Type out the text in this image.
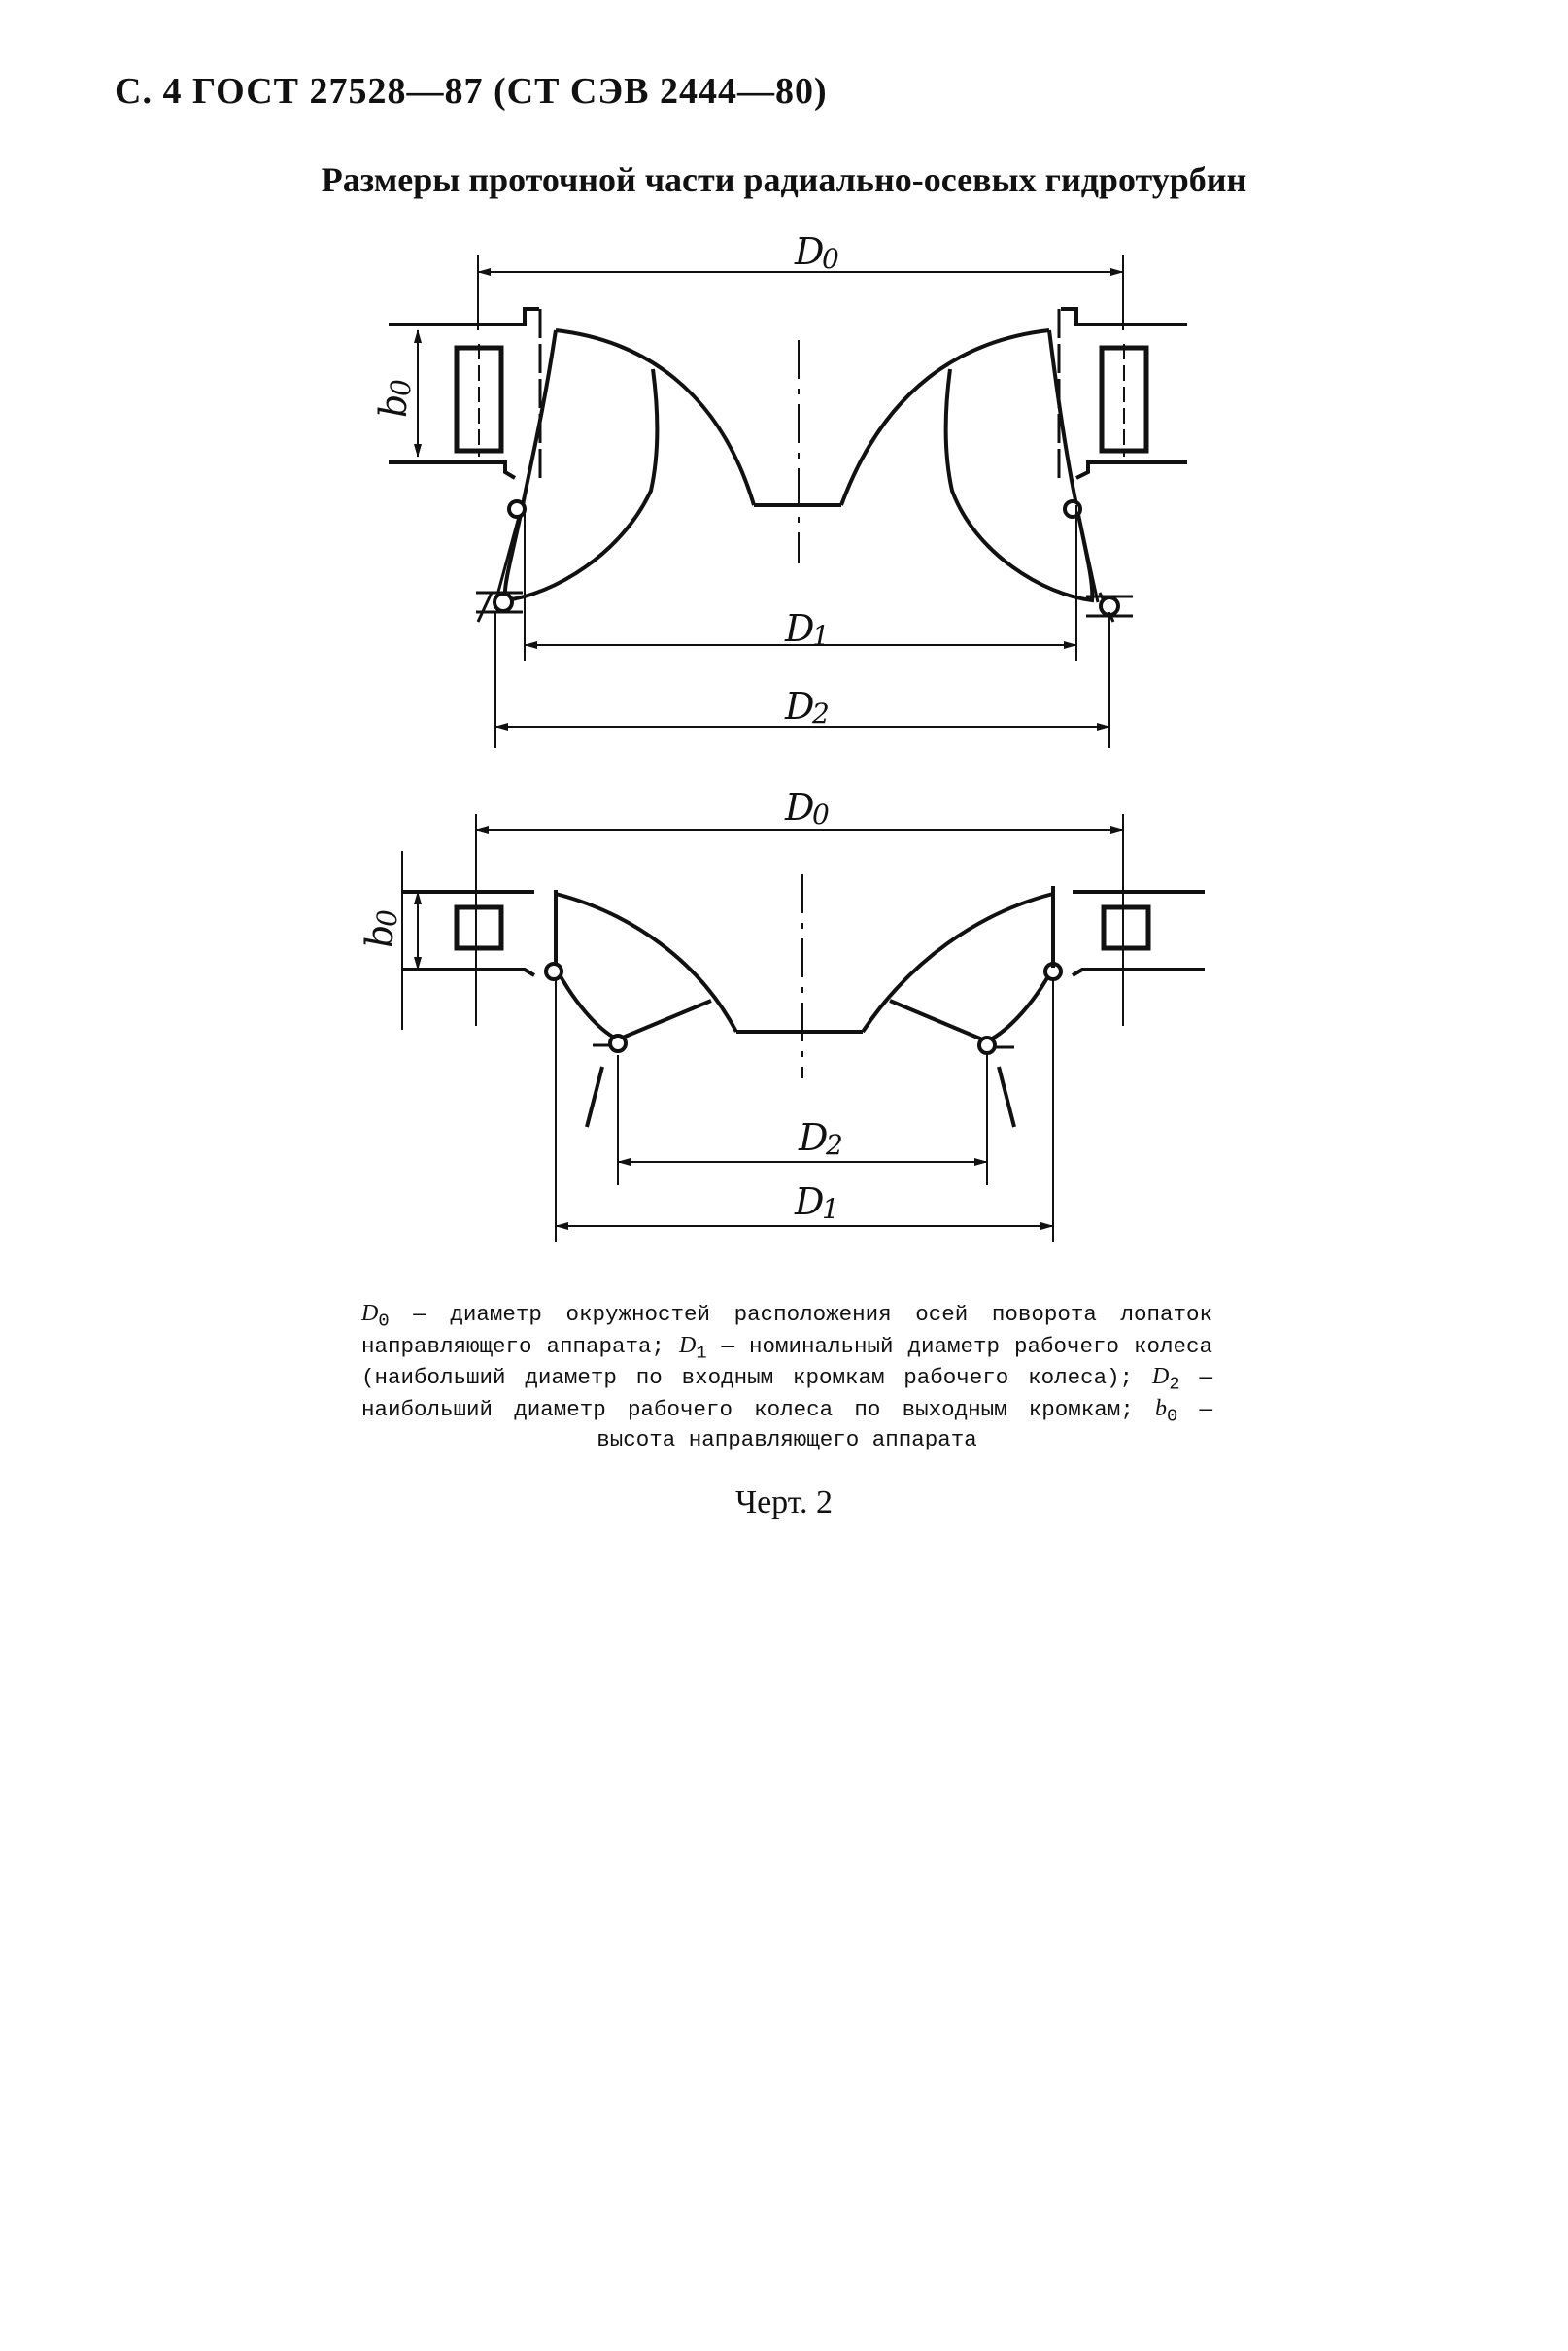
С. 4 ГОСТ 27528—87 (СТ СЭВ 2444—80)
Размеры проточной части радиально-осевых гидротурбин
D
0
D
1
D
2
b
0
D
0
D
2
D
1
b
0
$D_0$ — диаметр окружностей расположения осей поворота лопаток направляющего аппарата; $D_1$ — номинальный диаметр рабочего колеса (наибольший диаметр по входным кромкам рабочего колеса); $D_2$ — наибольший диаметр рабочего колеса по выходным кромкам; $b_0$ — высота направляющего аппарата
Черт. 2
